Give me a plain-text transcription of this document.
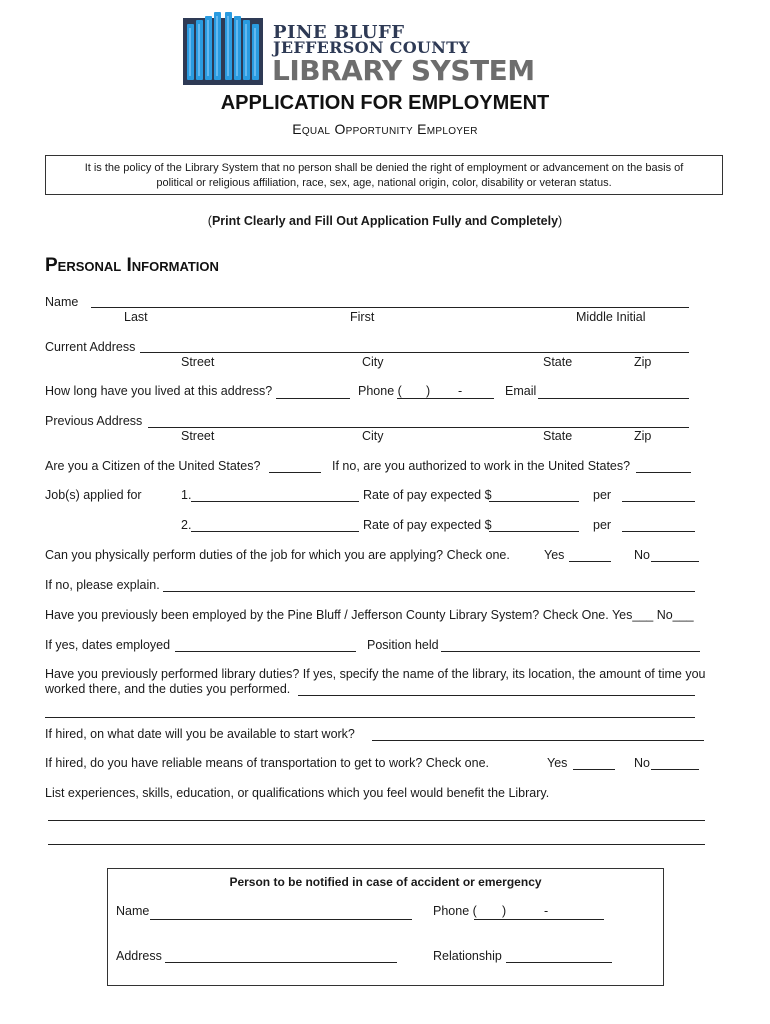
PINE BLUFF
JEFFERSON COUNTY
LIBRARY SYSTEM
APPLICATION FOR EMPLOYMENT
Equal Opportunity Employer
It is the policy of the Library System that no person shall be denied the right of employment or advancement on the basis of
political or religious affiliation, race, sex, age, national origin, color, disability or veteran status.
(Print Clearly and Fill Out Application Fully and Completely)
Personal Information
Name
Last	First	Middle Initial
Current Address
Street	City	State	Zip
How long have you lived at this address?	Phone ( ) -	Email
Previous Address
Street	City	State	Zip
Are you a Citizen of the United States?	If no, are you authorized to work in the United States?
Job(s) applied for	1.	Rate of pay expected $	per
2.	Rate of pay expected $	per
Can you physically perform duties of the job for which you are applying? Check one.	Yes	No
If no, please explain.
Have you previously been employed by the Pine Bluff / Jefferson County Library System? Check One. Yes___ No___
If yes, dates employed	Position held
Have you previously performed library duties? If yes, specify the name of the library, its location, the amount of time you
worked there, and the duties you performed.
If hired, on what date will you be available to start work?
If hired, do you have reliable means of transportation to get to work? Check one.	Yes	No
List experiences, skills, education, or qualifications which you feel would benefit the Library.
Person to be notified in case of accident or emergency
Name	Phone ( )	-
Address	Relationship
